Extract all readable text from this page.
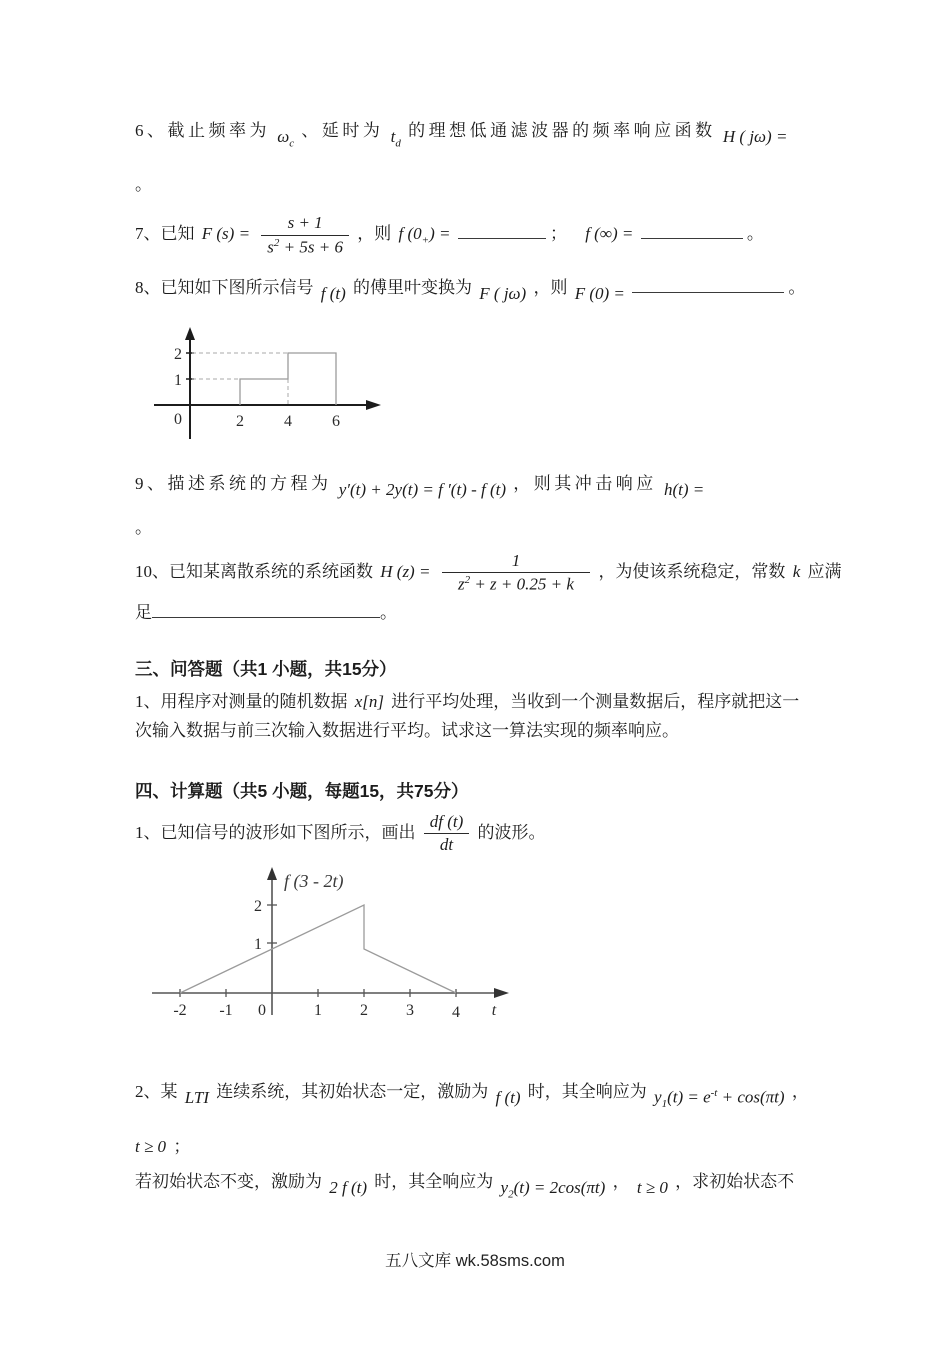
6、截止频率为 $\omega_c$ 、延时为 $t_d$ 的理想低通滤波器的频率响应函数 H ( jω) =
。
7、已知 F $(s) = \frac{s + 1}{s^2 + 5s + 6}$ ，则 f $(0_+)$ =	； f (∞) =	。
8、已知如下图所示信号 f (t) 的傅里叶变换为 F ( jω) ，则 F (0) =	。
2
1
0	2	4	6
9、描述系统的方程为 y′(t) + 2y(t) = f ′(t) - f (t) ，则其冲击响应 h(t) =
。
10、已知某离散系统的系统函数 H $(z) = \frac{1}{z^2 + z + 0.25 + k}$ ，为使该系统稳定，常数 k 应满
足	。
三、问答题（共1 小题，共15分）
1、用程序对测量的随机数据 x[n] 进行平均处理，当收到一个测量数据后，程序就把这一
次输入数据与前三次输入数据进行平均。试求这一算法实现的频率响应。
四、计算题（共5 小题，每题15，共75分）
1、已知信号的波形如下图所示，画出 $\frac{df (t)}{dt}$ 的波形。
f (3 - 2t)
2
1
-2 -1 0	1 2 3 4 t
2、某 LTI 连续系统，其初始状态一定，激励为 f (t) 时，其全响应为 $y_1(t) = e^{-t} + \cos(\pi t)$ ，
t ≥ 0 ；
若初始状态不变，激励为 2 f (t) 时，其全响应为 $y_2(t) = 2\cos(\pi t)$ ， t ≥ 0 ，求初始状态不
五八文库 wk.58sms.com
